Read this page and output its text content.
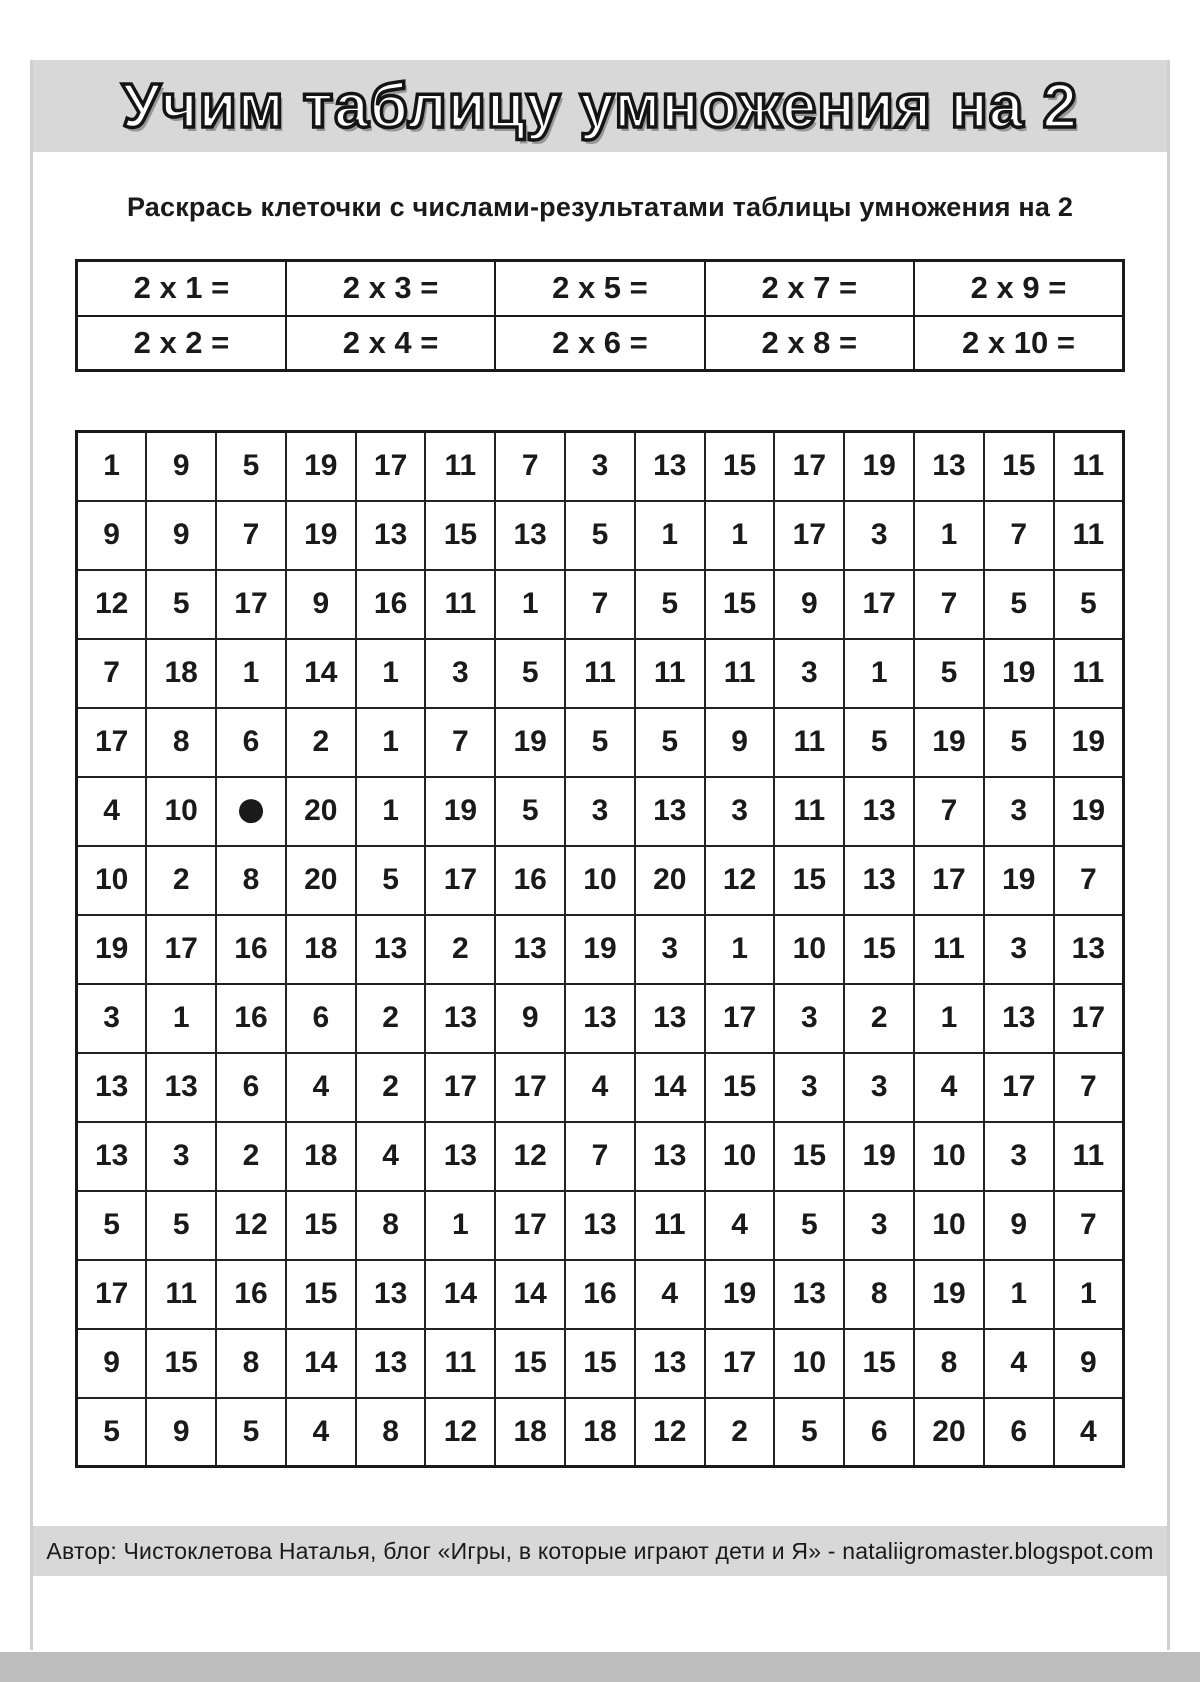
Учим таблицу умножения на 2

Раскрась клеточки с числами-результатами таблицы умножения на 2

2 x 1 =	2 x 3 =	2 x 5 =	2 x 7 =	2 x 9 =
2 x 2 =	2 x 4 =	2 x 6 =	2 x 8 =	2 x 10 =
1	9	5	19	17	11	7	3	13	15	17	19	13	15	11
9	9	7	19	13	15	13	5	1	1	17	3	1	7	11
12	5	17	9	16	11	1	7	5	15	9	17	7	5	5
7	18	1	14	1	3	5	11	11	11	3	1	5	19	11
17	8	6	2	1	7	19	5	5	9	11	5	19	5	19
4	10	●	20	1	19	5	3	13	3	11	13	7	3	19
10	2	8	20	5	17	16	10	20	12	15	13	17	19	7
19	17	16	18	13	2	13	19	3	1	10	15	11	3	13
3	1	16	6	2	13	9	13	13	17	3	2	1	13	17
13	13	6	4	2	17	17	4	14	15	3	3	4	17	7
13	3	2	18	4	13	12	7	13	10	15	19	10	3	11
5	5	12	15	8	1	17	13	11	4	5	3	10	9	7
17	11	16	15	13	14	14	16	4	19	13	8	19	1	1
9	15	8	14	13	11	15	15	13	17	10	15	8	4	9
5	9	5	4	8	12	18	18	12	2	5	6	20	6	4

Автор: Чистоклетова Наталья, блог «Игры, в которые играют дети и Я» - nataliigromaster.blogspot.com
